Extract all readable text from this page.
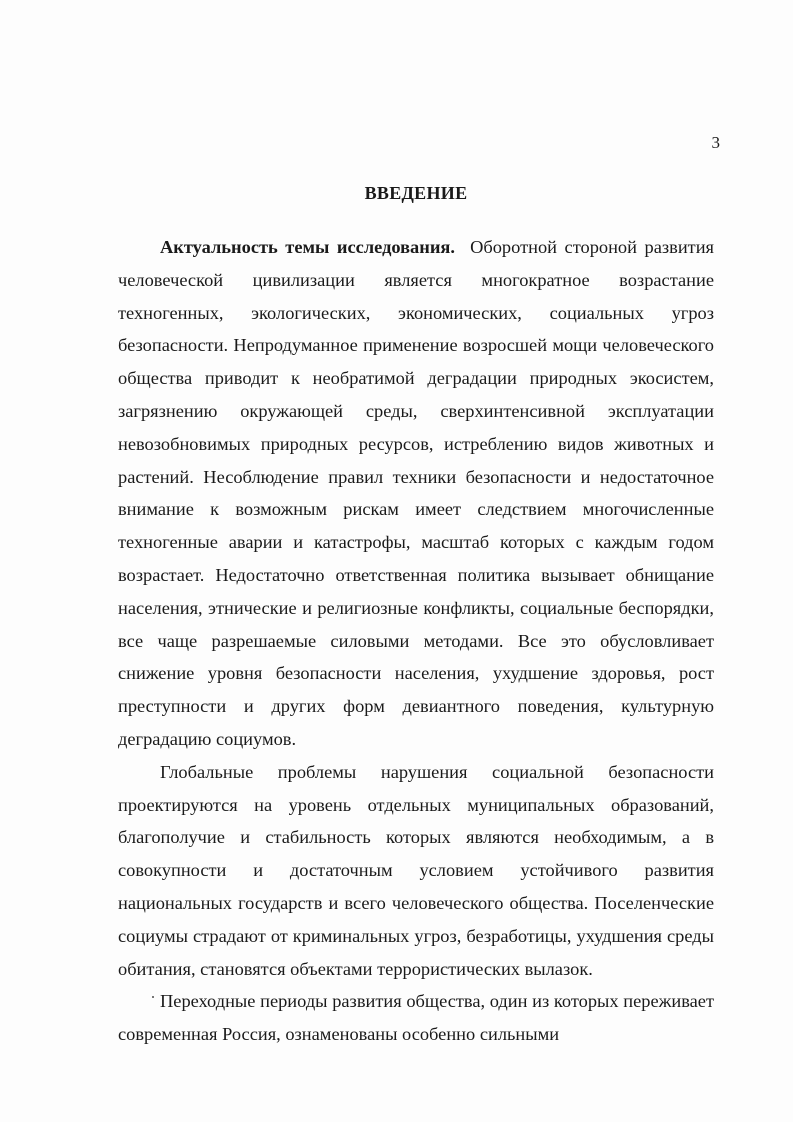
3
ВВЕДЕНИЕ

Актуальность темы исследования. Оборотной стороной развития человеческой цивилизации является многократное возрастание техногенных, экологических, экономических, социальных угроз безопасности. Непродуманное применение возросшей мощи человеческого общества приводит к необратимой деградации природных экосистем, загрязнению окружающей среды, сверхинтенсивной эксплуатации невозобновимых природных ресурсов, истреблению видов животных и растений. Несоблюдение правил техники безопасности и недостаточное внимание к возможным рискам имеет следствием многочисленные техногенные аварии и катастрофы, масштаб которых с каждым годом возрастает. Недостаточно ответственная политика вызывает обнищание населения, этнические и религиозные конфликты, социальные беспорядки, все чаще разрешаемые силовыми методами. Все это обусловливает снижение уровня безопасности населения, ухудшение здоровья, рост преступности и других форм девиантного поведения, культурную деградацию социумов.

Глобальные проблемы нарушения социальной безопасности проектируются на уровень отдельных муниципальных образований, благополучие и стабильность которых являются необходимым, а в совокупности и достаточным условием устойчивого развития национальных государств и всего человеческого общества. Поселенческие социумы страдают от криминальных угроз, безработицы, ухудшения среды обитания, становятся объектами террористических вылазок.

Переходные периоды развития общества, один из которых переживает современная Россия, ознаменованы особенно сильными
